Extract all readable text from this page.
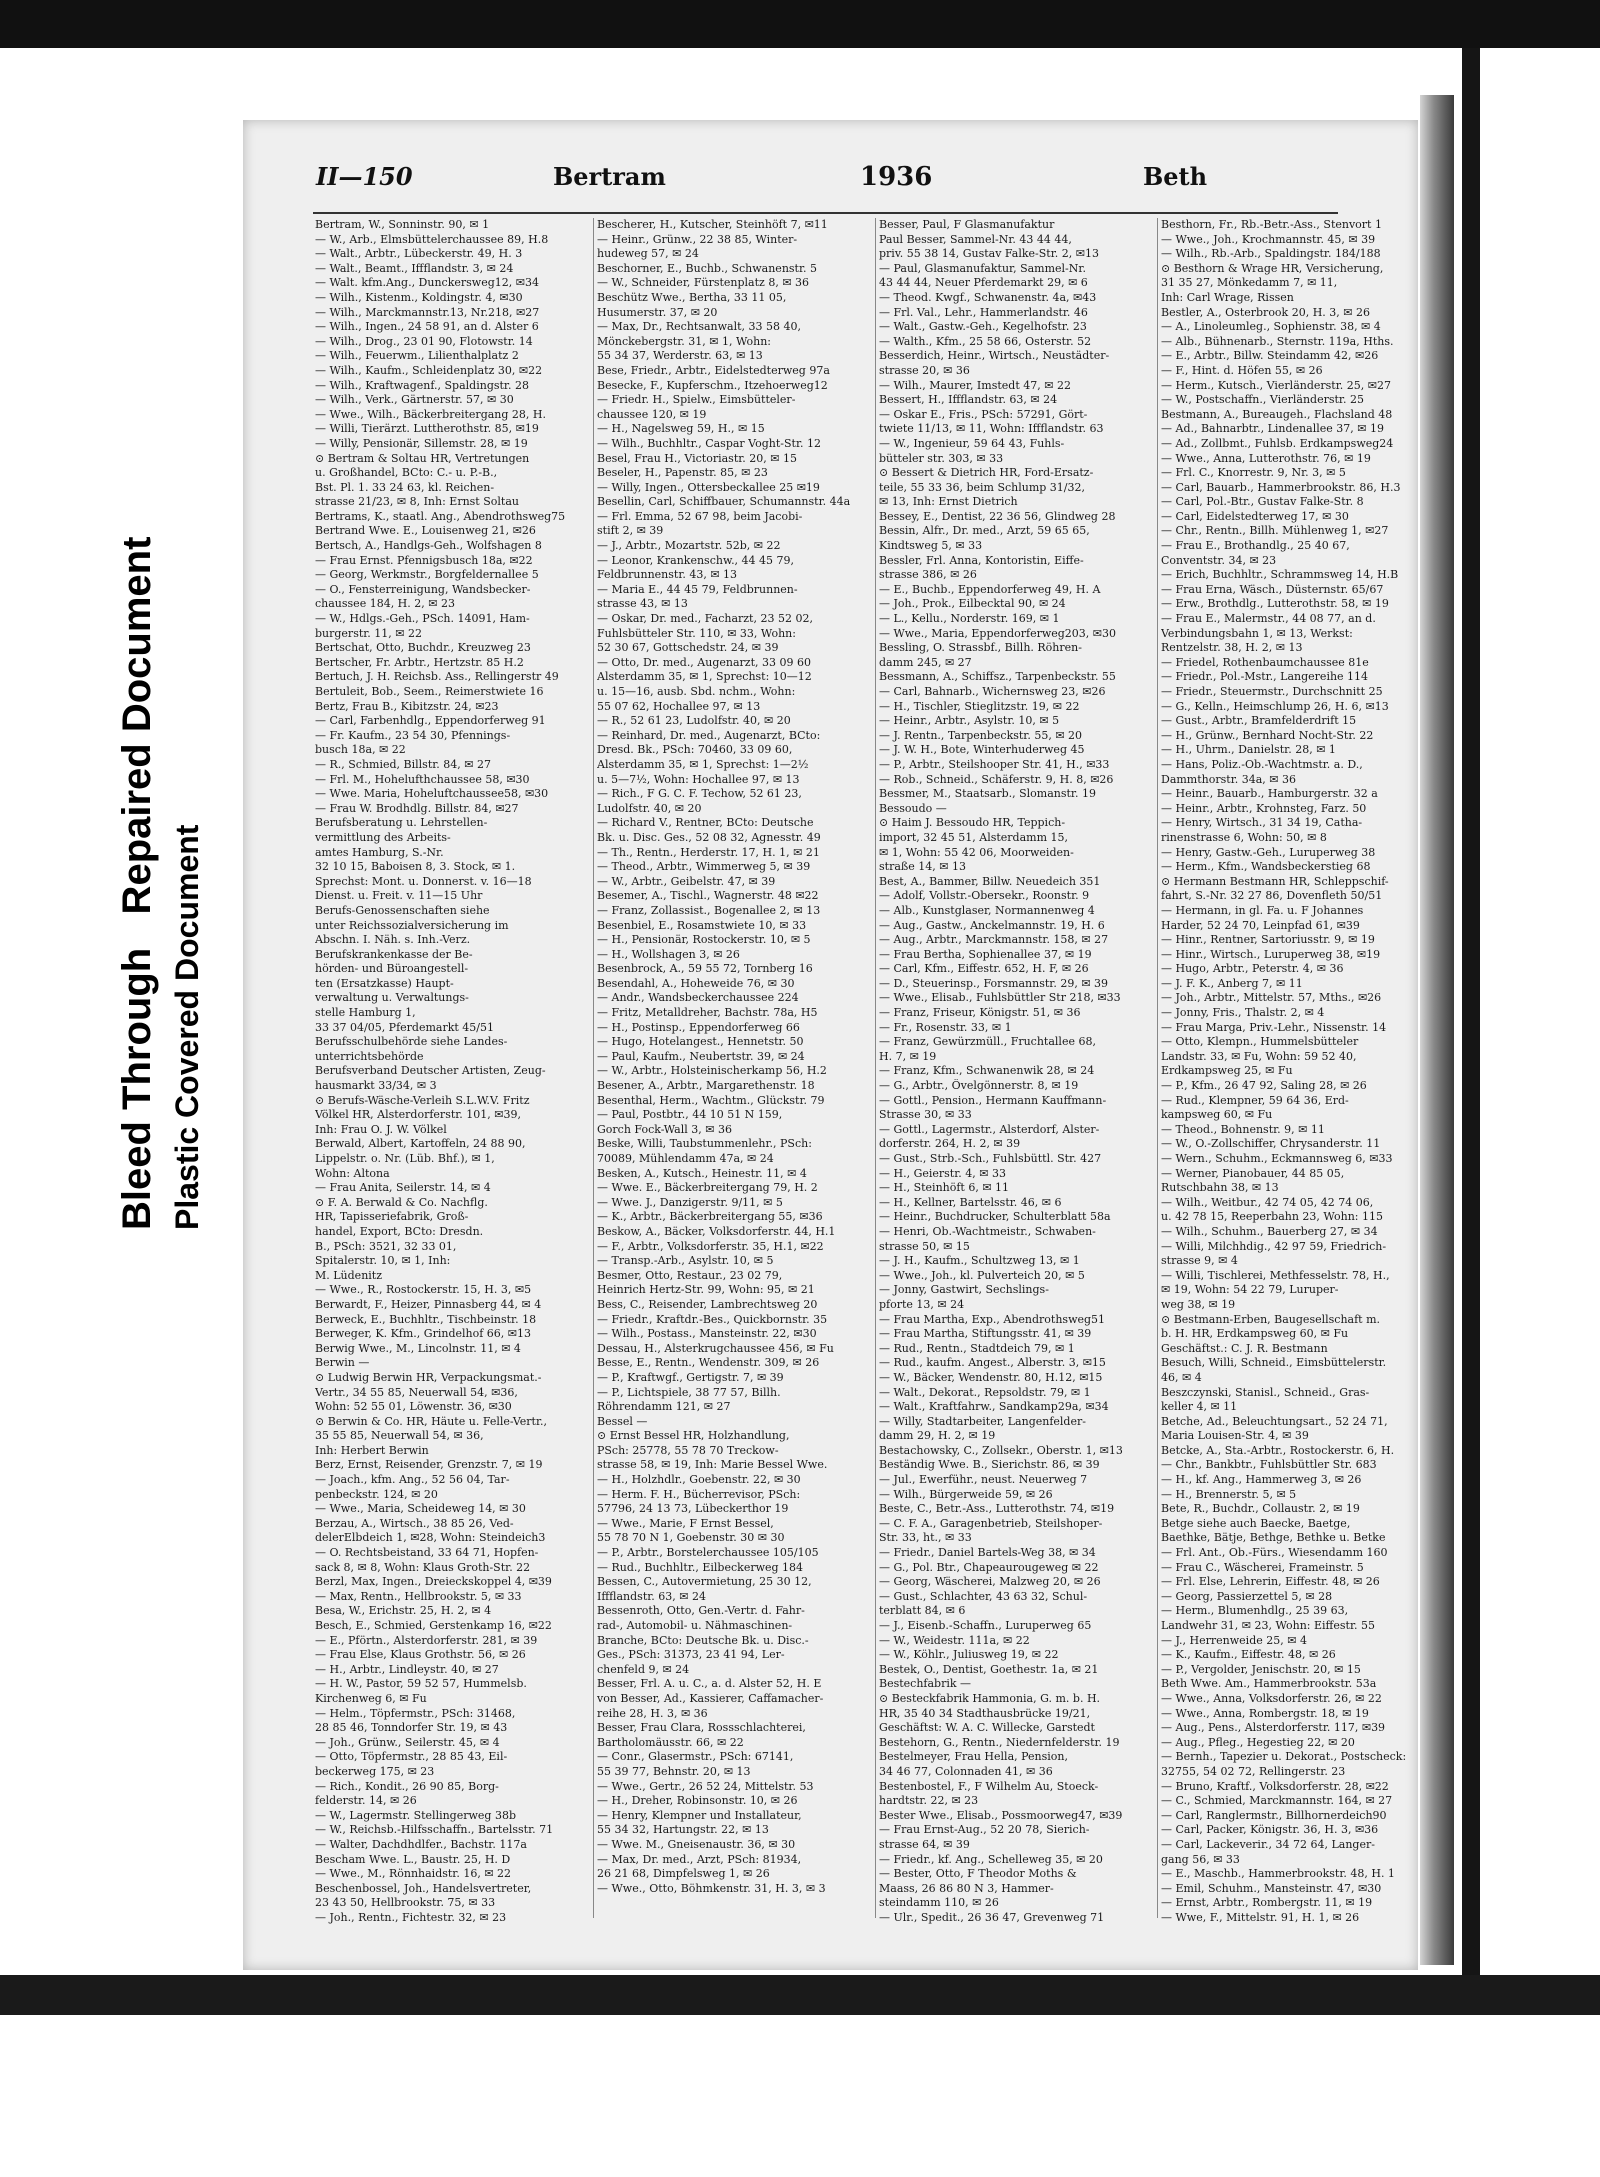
Bleed Through   Repaired Document
Plastic Covered Document
II—150	Bertram	1936	Beth
Bertram, W., Sonninstr. 90, ✉ 1
— W., Arb., Elmsbüttelerchaussee 89, H.8
— Walt., Arbtr., Lübeckerstr. 49, H. 3
— Walt., Beamt., Iffflandstr. 3, ✉ 24
— Walt. kfm.Ang., Dunckersweg12, ✉34
— Wilh., Kistenm., Koldingstr. 4, ✉30
— Wilh., Marckmannstr.13, Nr.218, ✉27
— Wilh., Ingen., 24 58 91, an d. Alster 6
— Wilh., Drog., 23 01 90, Flotowstr. 14
— Wilh., Feuerwm., Lilienthalplatz 2
— Wilh., Kaufm., Schleidenplatz 30, ✉22
— Wilh., Kraftwagenf., Spaldingstr. 28
— Wilh., Verk., Gärtnerstr. 57, ✉ 30
— Wwe., Wilh., Bäckerbreitergang 28, H.
— Willi, Tierärzt. Luttherothstr. 85, ✉19
— Willy, Pensionär, Sillemstr. 28, ✉ 19
⊙ Bertram & Soltau HR, Vertretungen
u. Großhandel, BCto: C.- u. P.-B.,
Bst. Pl. 1. 33 24 63, kl. Reichen-
strasse 21/23, ✉ 8, Inh: Ernst Soltau
Bertrams, K., staatl. Ang., Abendrothsweg75
Bertrand Wwe. E., Louisenweg 21, ✉26
Bertsch, A., Handlgs-Geh., Wolfshagen 8
— Frau Ernst. Pfennigsbusch 18a, ✉22
— Georg, Werkmstr., Borgfeldernallee 5
— O., Fensterreinigung, Wandsbecker-
chaussee 184, H. 2, ✉ 23
— W., Hdlgs.-Geh., PSch. 14091, Ham-
burgerstr. 11, ✉ 22
Bertschat, Otto, Buchdr., Kreuzweg 23
Bertscher, Fr. Arbtr., Hertzstr. 85 H.2
Bertuch, J. H. Reichsb. Ass., Rellingerstr 49
Bertuleit, Bob., Seem., Reimerstwiete 16
Bertz, Frau B., Kibitzstr. 24, ✉23
— Carl, Farbenhdlg., Eppendorferweg 91
— Fr. Kaufm., 23 54 30, Pfennings-
busch 18a, ✉ 22
— R., Schmied, Billstr. 84, ✉ 27
— Frl. M., Hohelufthchaussee 58, ✉30
— Wwe. Maria, Hoheluftchaussee58, ✉30
— Frau W. Brodhdlg. Billstr. 84, ✉27
Berufsberatung u. Lehrstellen-
vermittlung des Arbeits-
amtes Hamburg, S.-Nr.
32 10 15, Baboisen 8, 3. Stock, ✉ 1.
Sprechst: Mont. u. Donnerst. v. 16—18
Dienst. u. Freit. v. 11—15 Uhr
Berufs-Genossenschaften siehe
unter Reichssozialversicherung im
Abschn. I. Näh. s. Inh.-Verz.
Berufskrankenkasse der Be-
hörden- und Büroangestell-
ten (Ersatzkasse) Haupt-
verwaltung u. Verwaltungs-
stelle Hamburg 1,
33 37 04/05, Pferdemarkt 45/51
Berufsschulbehörde siehe Landes-
unterrichtsbehörde
Berufsverband Deutscher Artisten, Zeug-
hausmarkt 33/34, ✉ 3
⊙ Berufs-Wäsche-Verleih S.L.W.V. Fritz
Völkel HR, Alsterdorferstr. 101, ✉39,
Inh: Frau O. J. W. Völkel
Berwald, Albert, Kartoffeln, 24 88 90,
Lippelstr. o. Nr. (Lüb. Bhf.), ✉ 1,
Wohn: Altona
— Frau Anita, Seilerstr. 14, ✉ 4
⊙ F. A. Berwald & Co. Nachflg.
HR, Tapisseriefabrik, Groß-
handel, Export, BCto: Dresdn.
B., PSch: 3521, 32 33 01,
Spitalerstr. 10, ✉ 1, Inh:
M. Lüdenitz
— Wwe., R., Rostockerstr. 15, H. 3, ✉5
Berwardt, F., Heizer, Pinnasberg 44, ✉ 4
Berweck, E., Buchhltr., Tischbeinstr. 18
Berweger, K. Kfm., Grindelhof 66, ✉13
Berwig Wwe., M., Lincolnstr. 11, ✉ 4
Berwin —
⊙ Ludwig Berwin HR, Verpackungsmat.-
Vertr., 34 55 85, Neuerwall 54, ✉36,
Wohn: 52 55 01, Löwenstr. 36, ✉30
⊙ Berwin & Co. HR, Häute u. Felle-Vertr.,
35 55 85, Neuerwall 54, ✉ 36,
Inh: Herbert Berwin
Berz, Ernst, Reisender, Grenzstr. 7, ✉ 19
— Joach., kfm. Ang., 52 56 04, Tar-
penbeckstr. 124, ✉ 20
— Wwe., Maria, Scheideweg 14, ✉ 30
Berzau, A., Wirtsch., 38 85 26, Ved-
delerElbdeich 1, ✉28, Wohn: Steindeich3
— O. Rechtsbeistand, 33 64 71, Hopfen-
sack 8, ✉ 8, Wohn: Klaus Groth-Str. 22
Berzl, Max, Ingen., Dreieckskoppel 4, ✉39
— Max, Rentn., Hellbrookstr. 5, ✉ 33
Besa, W., Erichstr. 25, H. 2, ✉ 4
Besch, E., Schmied, Gerstenkamp 16, ✉22
— E., Pförtn., Alsterdorferstr. 281, ✉ 39
— Frau Else, Klaus Grothstr. 56, ✉ 26
— H., Arbtr., Lindleystr. 40, ✉ 27
— H. W., Pastor, 59 52 57, Hummelsb.
Kirchenweg 6, ✉ Fu
— Helm., Töpfermstr., PSch: 31468,
28 85 46, Tonndorfer Str. 19, ✉ 43
— Joh., Grünw., Seilerstr. 45, ✉ 4
— Otto, Töpfermstr., 28 85 43, Eil-
beckerweg 175, ✉ 23
— Rich., Kondit., 26 90 85, Borg-
felderstr. 14, ✉ 26
— W., Lagermstr. Stellingerweg 38b
— W., Reichsb.-Hilfsschaffn., Bartelsstr. 71
— Walter, Dachdhdlfer., Bachstr. 117a
Bescham Wwe. L., Baustr. 25, H. D
— Wwe., M., Rönnhaidstr. 16, ✉ 22
Beschenbossel, Joh., Handelsvertreter,
23 43 50, Hellbrookstr. 75, ✉ 33
— Joh., Rentn., Fichtestr. 32, ✉ 23
Bescherer, H., Kutscher, Steinhöft 7, ✉11
— Heinr., Grünw., 22 38 85, Winter-
hudeweg 57, ✉ 24
Beschorner, E., Buchb., Schwanenstr. 5
— W., Schneider, Fürstenplatz 8, ✉ 36
Beschütz Wwe., Bertha, 33 11 05,
Husumerstr. 37, ✉ 20
— Max, Dr., Rechtsanwalt, 33 58 40,
Mönckebergstr. 31, ✉ 1, Wohn:
55 34 37, Werderstr. 63, ✉ 13
Bese, Friedr., Arbtr., Eidelstedterweg 97a
Besecke, F., Kupferschm., Itzehoerweg12
— Friedr. H., Spielw., Eimsbütteler-
chaussee 120, ✉ 19
— H., Nagelsweg 59, H., ✉ 15
— Wilh., Buchhltr., Caspar Voght-Str. 12
Besel, Frau H., Victoriastr. 20, ✉ 15
Beseler, H., Papenstr. 85, ✉ 23
— Willy, Ingen., Ottersbeckallee 25 ✉19
Besellin, Carl, Schiffbauer, Schumannstr. 44a
— Frl. Emma, 52 67 98, beim Jacobi-
stift 2, ✉ 39
— J., Arbtr., Mozartstr. 52b, ✉ 22
— Leonor, Krankenschw., 44 45 79,
Feldbrunnenstr. 43, ✉ 13
— Maria E., 44 45 79, Feldbrunnen-
strasse 43, ✉ 13
— Oskar, Dr. med., Facharzt, 23 52 02,
Fuhlsbütteler Str. 110, ✉ 33, Wohn:
52 30 67, Gottschedstr. 24, ✉ 39
— Otto, Dr. med., Augenarzt, 33 09 60
Alsterdamm 35, ✉ 1, Sprechst: 10—12
u. 15—16, ausb. Sbd. nchm., Wohn:
55 07 62, Hochallee 97, ✉ 13
— R., 52 61 23, Ludolfstr. 40, ✉ 20
— Reinhard, Dr. med., Augenarzt, BCto:
Dresd. Bk., PSch: 70460, 33 09 60,
Alsterdamm 35, ✉ 1, Sprechst: 1—2½
u. 5—7½, Wohn: Hochallee 97, ✉ 13
— Rich., F G. C. F. Techow, 52 61 23,
Ludolfstr. 40, ✉ 20
— Richard V., Rentner, BCto: Deutsche
Bk. u. Disc. Ges., 52 08 32, Agnesstr. 49
— Th., Rentn., Herderstr. 17, H. 1, ✉ 21
— Theod., Arbtr., Wimmerweg 5, ✉ 39
— W., Arbtr., Geibelstr. 47, ✉ 39
Besemer, A., Tischl., Wagnerstr. 48 ✉22
— Franz, Zollassist., Bogenallee 2, ✉ 13
Besenbiel, E., Rosamstwiete 10, ✉ 33
— H., Pensionär, Rostockerstr. 10, ✉ 5
— H., Wollshagen 3, ✉ 26
Besenbrock, A., 59 55 72, Tornberg 16
Besendahl, A., Hoheweide 76, ✉ 30
— Andr., Wandsbeckerchaussee 224
— Fritz, Metalldreher, Bachstr. 78a, H5
— H., Postinsp., Eppendorferweg 66
— Hugo, Hotelangest., Hennetstr. 50
— Paul, Kaufm., Neubertstr. 39, ✉ 24
— W., Arbtr., Holsteinischerkamp 56, H.2
Besener, A., Arbtr., Margarethenstr. 18
Besenthal, Herm., Wachtm., Glückstr. 79
— Paul, Postbtr., 44 10 51 N 159,
Gorch Fock-Wall 3, ✉ 36
Beske, Willi, Taubstummenlehr., PSch:
70089, Mühlendamm 47a, ✉ 24
Besken, A., Kutsch., Heinestr. 11, ✉ 4
— Wwe. E., Bäckerbreitergang 79, H. 2
— Wwe. J., Danzigerstr. 9/11, ✉ 5
— K., Arbtr., Bäckerbreitergang 55, ✉36
Beskow, A., Bäcker, Volksdorferstr. 44, H.1
— F., Arbtr., Volksdorferstr. 35, H.1, ✉22
— Transp.-Arb., Asylstr. 10, ✉ 5
Besmer, Otto, Restaur., 23 02 79,
Heinrich Hertz-Str. 99, Wohn: 95, ✉ 21
Bess, C., Reisender, Lambrechtsweg 20
— Friedr., Kraftdr.-Bes., Quickbornstr. 35
— Wilh., Postass., Mansteinstr. 22, ✉30
Dessau, H., Alsterkrugchaussee 456, ✉ Fu
Besse, E., Rentn., Wendenstr. 309, ✉ 26
— P., Kraftwgf., Gertigstr. 7, ✉ 39
— P., Lichtspiele, 38 77 57, Billh.
Röhrendamm 121, ✉ 27
Bessel —
⊙ Ernst Bessel HR, Holzhandlung,
PSch: 25778, 55 78 70 Treckow-
strasse 58, ✉ 19, Inh: Marie Bessel Wwe.
— H., Holzhdlr., Goebenstr. 22, ✉ 30
— Herm. F. H., Bücherrevisor, PSch:
57796, 24 13 73, Lübeckerthor 19
— Wwe., Marie, F Ernst Bessel,
55 78 70 N 1, Goebenstr. 30 ✉ 30
— P., Arbtr., Borstelerchaussee 105/105
— Rud., Buchhltr., Eilbeckerweg 184
Bessen, C., Autovermietung, 25 30 12,
Iffflandstr. 63, ✉ 24
Bessenroth, Otto, Gen.-Vertr. d. Fahr-
rad-, Automobil- u. Nähmaschinen-
Branche, BCto: Deutsche Bk. u. Disc.-
Ges., PSch: 31373, 23 41 94, Ler-
chenfeld 9, ✉ 24
Besser, Frl. A. u. C., a. d. Alster 52, H. E
von Besser, Ad., Kassierer, Caffamacher-
reihe 28, H. 3, ✉ 36
Besser, Frau Clara, Rossschlachterei,
Bartholomäusstr. 66, ✉ 22
— Conr., Glasermstr., PSch: 67141,
55 39 77, Behnstr. 20, ✉ 13
— Wwe., Gertr., 26 52 24, Mittelstr. 53
— H., Dreher, Robinsonstr. 10, ✉ 26
— Henry, Klempner und Installateur,
55 34 32, Hartungstr. 22, ✉ 13
— Wwe. M., Gneisenaustr. 36, ✉ 30
— Max, Dr. med., Arzt, PSch: 81934,
26 21 68, Dimpfelsweg 1, ✉ 26
— Wwe., Otto, Böhmkenstr. 31, H. 3, ✉ 3
Besser, Paul, F Glasmanufaktur
Paul Besser, Sammel-Nr. 43 44 44,
priv. 55 38 14, Gustav Falke-Str. 2, ✉13
— Paul, Glasmanufaktur, Sammel-Nr.
43 44 44, Neuer Pferdemarkt 29, ✉ 6
— Theod. Kwgf., Schwanenstr. 4a, ✉43
— Frl. Val., Lehr., Hammerlandstr. 46
— Walt., Gastw.-Geh., Kegelhofstr. 23
— Walth., Kfm., 25 58 66, Osterstr. 52
Besserdich, Heinr., Wirtsch., Neustädter-
strasse 20, ✉ 36
— Wilh., Maurer, Imstedt 47, ✉ 22
Bessert, H., Iffflandstr. 63, ✉ 24
— Oskar E., Fris., PSch: 57291, Gört-
twiete 11/13, ✉ 11, Wohn: Iffflandstr. 63
— W., Ingenieur, 59 64 43, Fuhls-
bütteler str. 303, ✉ 33
⊙ Bessert & Dietrich HR, Ford-Ersatz-
teile, 55 33 36, beim Schlump 31/32,
✉ 13, Inh: Ernst Dietrich
Bessey, E., Dentist, 22 36 56, Glindweg 28
Bessin, Alfr., Dr. med., Arzt, 59 65 65,
Kindtsweg 5, ✉ 33
Bessler, Frl. Anna, Kontoristin, Eiffe-
strasse 386, ✉ 26
— E., Buchb., Eppendorferweg 49, H. A
— Joh., Prok., Eilbecktal 90, ✉ 24
— L., Kellu., Norderstr. 169, ✉ 1
— Wwe., Maria, Eppendorferweg203, ✉30
Bessling, O. Strassbf., Billh. Röhren-
damm 245, ✉ 27
Bessmann, A., Schiffsz., Tarpenbeckstr. 55
— Carl, Bahnarb., Wichernsweg 23, ✉26
— H., Tischler, Stieglitzstr. 19, ✉ 22
— Heinr., Arbtr., Asylstr. 10, ✉ 5
— J. Rentn., Tarpenbeckstr. 55, ✉ 20
— J. W. H., Bote, Winterhuderweg 45
— P., Arbtr., Steilshooper Str. 41, H., ✉33
— Rob., Schneid., Schäferstr. 9, H. 8, ✉26
Bessmer, M., Staatsarb., Slomanstr. 19
Bessoudo —
⊙ Haim J. Bessoudo HR, Teppich-
import, 32 45 51, Alsterdamm 15,
✉ 1, Wohn: 55 42 06, Moorweiden-
straße 14, ✉ 13
Best, A., Bammer, Billw. Neuedeich 351
— Adolf, Vollstr.-Obersekr., Roonstr. 9
— Alb., Kunstglaser, Normannenweg 4
— Aug., Gastw., Anckelmannstr. 19, H. 6
— Aug., Arbtr., Marckmannstr. 158, ✉ 27
— Frau Bertha, Sophienallee 37, ✉ 19
— Carl, Kfm., Eiffestr. 652, H. F, ✉ 26
— D., Steuerinsp., Forsmannstr. 29, ✉ 39
— Wwe., Elisab., Fuhlsbüttler Str 218, ✉33
— Franz, Friseur, Königstr. 51, ✉ 36
— Fr., Rosenstr. 33, ✉ 1
— Franz, Gewürzmüll., Fruchtallee 68,
H. 7, ✉ 19
— Franz, Kfm., Schwanenwik 28, ✉ 24
— G., Arbtr., Övelgönnerstr. 8, ✉ 19
— Gottl., Pension., Hermann Kauffmann-
Strasse 30, ✉ 33
— Gottl., Lagermstr., Alsterdorf, Alster-
dorferstr. 264, H. 2, ✉ 39
— Gust., Strb.-Sch., Fuhlsbüttl. Str. 427
— H., Geierstr. 4, ✉ 33
— H., Steinhöft 6, ✉ 11
— H., Kellner, Bartelsstr. 46, ✉ 6
— Heinr., Buchdrucker, Schulterblatt 58a
— Henri, Ob.-Wachtmeistr., Schwaben-
strasse 50, ✉ 15
— J. H., Kaufm., Schultzweg 13, ✉ 1
— Wwe., Joh., kl. Pulverteich 20, ✉ 5
— Jonny, Gastwirt, Sechslings-
pforte 13, ✉ 24
— Frau Martha, Exp., Abendrothsweg51
— Frau Martha, Stiftungsstr. 41, ✉ 39
— Rud., Rentn., Stadtdeich 79, ✉ 1
— Rud., kaufm. Angest., Alberstr. 3, ✉15
— W., Bäcker, Wendenstr. 80, H.12, ✉15
— Walt., Dekorat., Repsoldstr. 79, ✉ 1
— Walt., Kraftfahrw., Sandkamp29a, ✉34
— Willy, Stadtarbeiter, Langenfelder-
damm 29, H. 2, ✉ 19
Bestachowsky, C., Zollsekr., Oberstr. 1, ✉13
Beständig Wwe. B., Sierichstr. 86, ✉ 39
— Jul., Ewerführ., neust. Neuerweg 7
— Wilh., Bürgerweide 59, ✉ 26
Beste, C., Betr.-Ass., Lutterothstr. 74, ✉19
— C. F. A., Garagenbetrieb, Steilshoper-
Str. 33, ht., ✉ 33
— Friedr., Daniel Bartels-Weg 38, ✉ 34
— G., Pol. Btr., Chapeaurougeweg ✉ 22
— Georg, Wäscherei, Malzweg 20, ✉ 26
— Gust., Schlachter, 43 63 32, Schul-
terblatt 84, ✉ 6
— J., Eisenb.-Schaffn., Luruperweg 65
— W., Weidestr. 111a, ✉ 22
— W., Köhlr., Juliusweg 19, ✉ 22
Bestek, O., Dentist, Goethestr. 1a, ✉ 21
Bestechfabrik —
⊙ Besteckfabrik Hammonia, G. m. b. H.
HR, 35 40 34 Stadthausbrücke 19/21,
Geschäftst: W. A. C. Willecke, Garstedt
Bestehorn, G., Rentn., Niedernfelderstr. 19
Bestelmeyer, Frau Hella, Pension,
34 46 77, Colonnaden 41, ✉ 36
Bestenbostel, F., F Wilhelm Au, Stoeck-
hardtstr. 22, ✉ 23
Bester Wwe., Elisab., Possmoorweg47, ✉39
— Frau Ernst-Aug., 52 20 78, Sierich-
strasse 64, ✉ 39
— Friedr., kf. Ang., Schelleweg 35, ✉ 20
— Bester, Otto, F Theodor Moths &
Maass, 26 86 80 N 3, Hammer-
steindamm 110, ✉ 26
— Ulr., Spedit., 26 36 47, Grevenweg 71
Besthorn, Fr., Rb.-Betr.-Ass., Stenvort 1
— Wwe., Joh., Krochmannstr. 45, ✉ 39
— Wilh., Rb.-Arb., Spaldingstr. 184/188
⊙ Besthorn & Wrage HR, Versicherung,
31 35 27, Mönkedamm 7, ✉ 11,
Inh: Carl Wrage, Rissen
Bestler, A., Osterbrook 20, H. 3, ✉ 26
— A., Linoleumleg., Sophienstr. 38, ✉ 4
— Alb., Bühnenarb., Sternstr. 119a, Hths.
— E., Arbtr., Billw. Steindamm 42, ✉26
— F., Hint. d. Höfen 55, ✉ 26
— Herm., Kutsch., Vierländerstr. 25, ✉27
— W., Postschaffn., Vierländerstr. 25
Bestmann, A., Bureaugeh., Flachsland 48
— Ad., Bahnarbtr., Lindenallee 37, ✉ 19
— Ad., Zollbmt., Fuhlsb. Erdkampsweg24
— Wwe., Anna, Lutterothstr. 76, ✉ 19
— Frl. C., Knorrestr. 9, Nr. 3, ✉ 5
— Carl, Bauarb., Hammerbrookstr. 86, H.3
— Carl, Pol.-Btr., Gustav Falke-Str. 8
— Carl, Eidelstedterweg 17, ✉ 30
— Chr., Rentn., Billh. Mühlenweg 1, ✉27
— Frau E., Brothandlg., 25 40 67,
Conventstr. 34, ✉ 23
— Erich, Buchhltr., Schrammsweg 14, H.B
— Frau Erna, Wäsch., Düsternstr. 65/67
— Erw., Brothdlg., Lutterothstr. 58, ✉ 19
— Frau E., Malermstr., 44 08 77, an d.
Verbindungsbahn 1, ✉ 13, Werkst:
Rentzelstr. 38, H. 2, ✉ 13
— Friedel, Rothenbaumchaussee 81e
— Friedr., Pol.-Mstr., Langereihe 114
— Friedr., Steuermstr., Durchschnitt 25
— G., Kelln., Heimschlump 26, H. 6, ✉13
— Gust., Arbtr., Bramfelderdrift 15
— H., Grünw., Bernhard Nocht-Str. 22
— H., Uhrm., Danielstr. 28, ✉ 1
— Hans, Poliz.-Ob.-Wachtmstr. a. D.,
Dammthorstr. 34a, ✉ 36
— Heinr., Bauarb., Hamburgerstr. 32 a
— Heinr., Arbtr., Krohnsteg, Farz. 50
— Henry, Wirtsch., 31 34 19, Catha-
rinenstrasse 6, Wohn: 50, ✉ 8
— Henry, Gastw.-Geh., Luruperweg 38
— Herm., Kfm., Wandsbeckerstieg 68
⊙ Hermann Bestmann HR, Schleppschif-
fahrt, S.-Nr. 32 27 86, Dovenfleth 50/51
— Hermann, in gl. Fa. u. F Johannes
Harder, 52 24 70, Leinpfad 61, ✉39
— Hinr., Rentner, Sartoriusstr. 9, ✉ 19
— Hinr., Wirtsch., Luruperweg 38, ✉19
— Hugo, Arbtr., Peterstr. 4, ✉ 36
— J. F. K., Anberg 7, ✉ 11
— Joh., Arbtr., Mittelstr. 57, Mths., ✉26
— Jonny, Fris., Thalstr. 2, ✉ 4
— Frau Marga, Priv.-Lehr., Nissenstr. 14
— Otto, Klempn., Hummelsbütteler
Landstr. 33, ✉ Fu, Wohn: 59 52 40,
Erdkampsweg 25, ✉ Fu
— P., Kfm., 26 47 92, Saling 28, ✉ 26
— Rud., Klempner, 59 64 36, Erd-
kampsweg 60, ✉ Fu
— Theod., Bohnenstr. 9, ✉ 11
— W., O.-Zollschiffer, Chrysanderstr. 11
— Wern., Schuhm., Eckmannsweg 6, ✉33
— Werner, Pianobauer, 44 85 05,
Rutschbahn 38, ✉ 13
— Wilh., Weitbur., 42 74 05, 42 74 06,
u. 42 78 15, Reeperbahn 23, Wohn: 115
— Wilh., Schuhm., Bauerberg 27, ✉ 34
— Willi, Milchhdig., 42 97 59, Friedrich-
strasse 9, ✉ 4
— Willi, Tischlerei, Methfesselstr. 78, H.,
✉ 19, Wohn: 54 22 79, Luruper-
weg 38, ✉ 19
⊙ Bestmann-Erben, Baugesellschaft m.
b. H. HR, Erdkampsweg 60, ✉ Fu
Geschäftst.: C. J. R. Bestmann
Besuch, Willi, Schneid., Eimsbüttelerstr.
46, ✉ 4
Beszczynski, Stanisl., Schneid., Gras-
keller 4, ✉ 11
Betche, Ad., Beleuchtungsart., 52 24 71,
Maria Louisen-Str. 4, ✉ 39
Betcke, A., Sta.-Arbtr., Rostockerstr. 6, H.
— Chr., Bankbtr., Fuhlsbüttler Str. 683
— H., kf. Ang., Hammerweg 3, ✉ 26
— H., Brennerstr. 5, ✉ 5
Bete, R., Buchdr., Collaustr. 2, ✉ 19
Betge siehe auch Baecke, Baetge,
Baethke, Bätje, Bethge, Bethke u. Betke
— Frl. Ant., Ob.-Fürs., Wiesendamm 160
— Frau C., Wäscherei, Frameinstr. 5
— Frl. Else, Lehrerin, Eiffestr. 48, ✉ 26
— Georg, Passierzettel 5, ✉ 28
— Herm., Blumenhdlg., 25 39 63,
Landwehr 31, ✉ 23, Wohn: Eiffestr. 55
— J., Herrenweide 25, ✉ 4
— K., Kaufm., Eiffestr. 48, ✉ 26
— P., Vergolder, Jenischstr. 20, ✉ 15
Beth Wwe. Am., Hammerbrookstr. 53a
— Wwe., Anna, Volksdorferstr. 26, ✉ 22
— Wwe., Anna, Rombergstr. 18, ✉ 19
— Aug., Pens., Alsterdorferstr. 117, ✉39
— Aug., Pfleg., Hegestieg 22, ✉ 20
— Bernh., Tapezier u. Dekorat., Postscheck:
32755, 54 02 72, Rellingerstr. 23
— Bruno, Kraftf., Volksdorferstr. 28, ✉22
— C., Schmied, Marckmannstr. 164, ✉ 27
— Carl, Ranglermstr., Billhornerdeich90
— Carl, Packer, Königstr. 36, H. 3, ✉36
— Carl, Lackeverir., 34 72 64, Langer-
gang 56, ✉ 33
— E., Maschb., Hammerbrookstr. 48, H. 1
— Emil, Schuhm., Mansteinstr. 47, ✉30
— Ernst, Arbtr., Rombergstr. 11, ✉ 19
— Wwe, F., Mittelstr. 91, H. 1, ✉ 26
